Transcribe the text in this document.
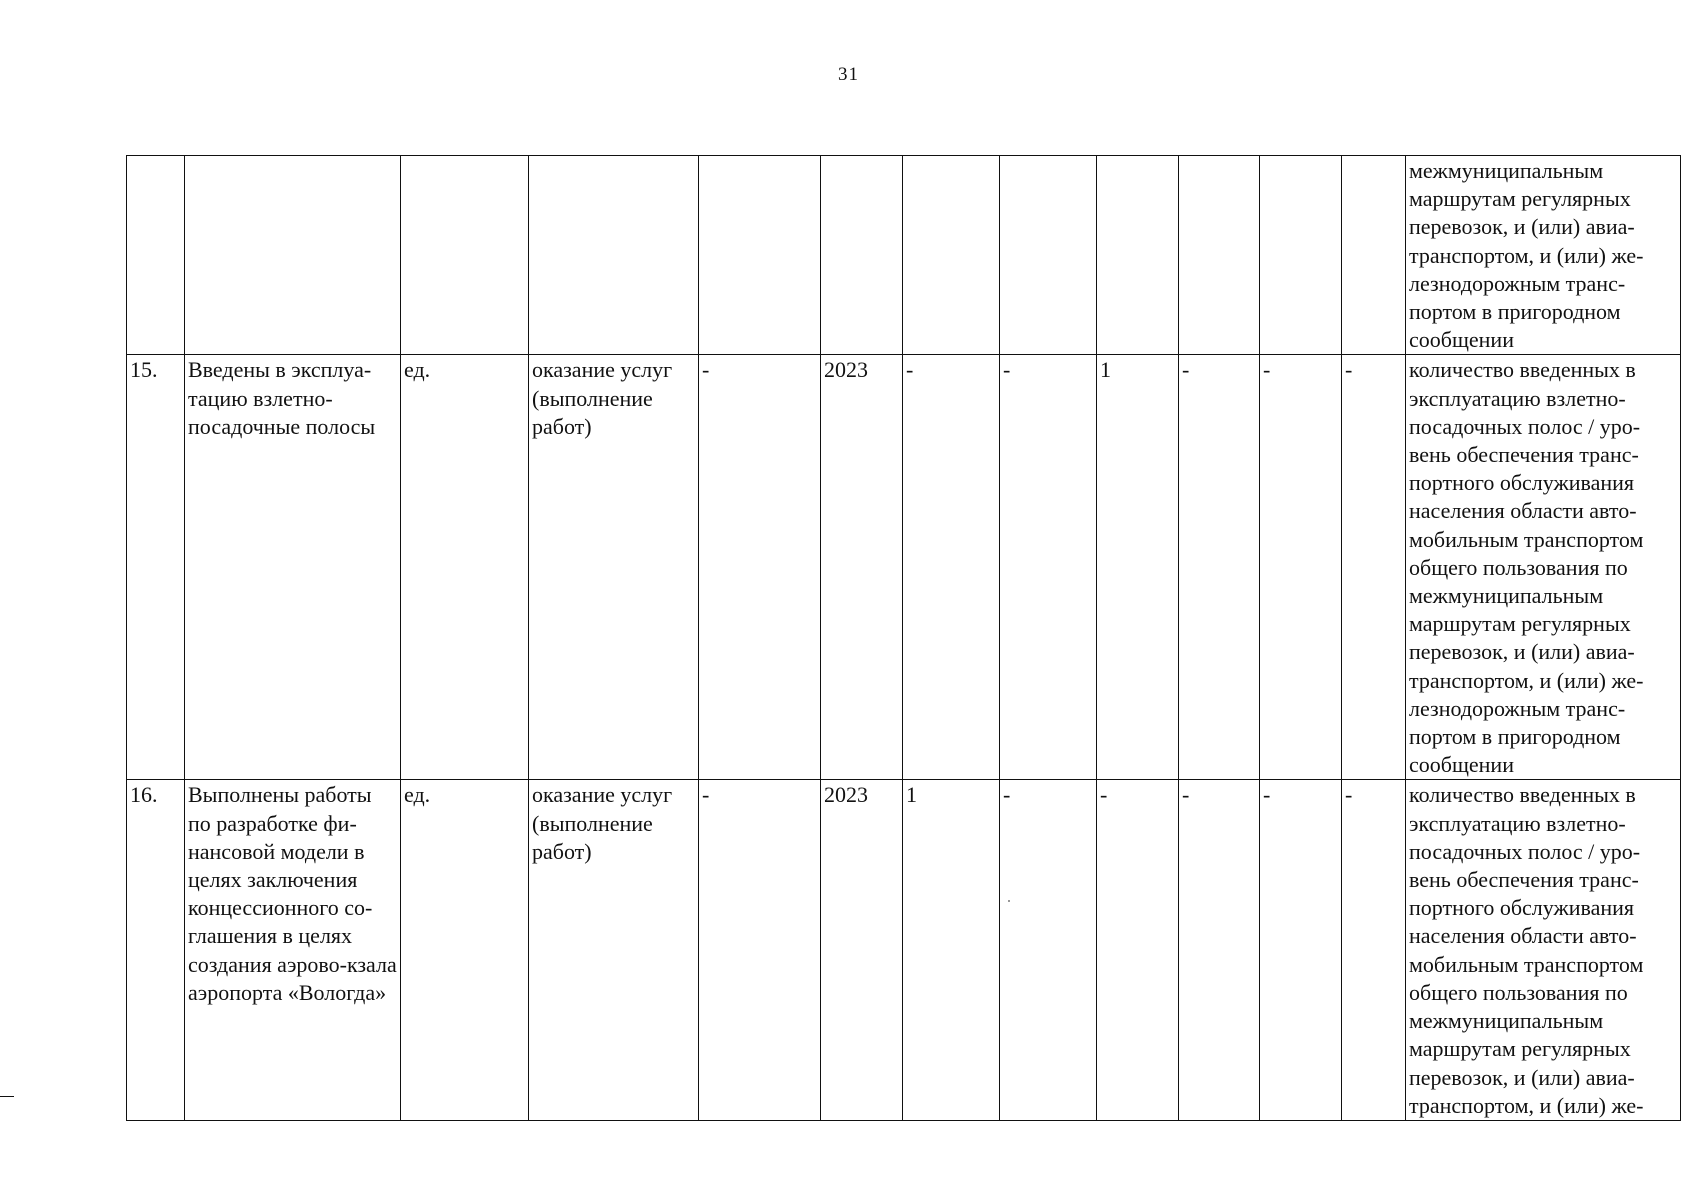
31
												межмуниципальным маршрутам регулярных перевозок, и (или) авиа-транспортом, и (или) же-лезнодорожным транс-портом в пригородном сообщении
15.	Введены в эксплуа-тацию взлетно-посадочные полосы	ед.	оказание услуг (выполнение работ)	-	2023	-	-	1	-	-	-	количество введенных в эксплуатацию взлетно-посадочных полос / уро-вень обеспечения транс-портного обслуживания населения области авто-мобильным транспортом общего пользования по межмуниципальным маршрутам регулярных перевозок, и (или) авиа-транспортом, и (или) же-лезнодорожным транс-портом в пригородном сообщении
16.	Выполнены работы по разработке фи-нансовой модели в целях заключения концессионного со-глашения в целях создания аэрово-кзала аэропорта «Вологда»	ед.	оказание услуг (выполнение работ)	-	2023	1	-	-	-	-	-	количество введенных в эксплуатацию взлетно-посадочных полос / уро-вень обеспечения транс-портного обслуживания населения области авто-мобильным транспортом общего пользования по межмуниципальным маршрутам регулярных перевозок, и (или) авиа-транспортом, и (или) же-
